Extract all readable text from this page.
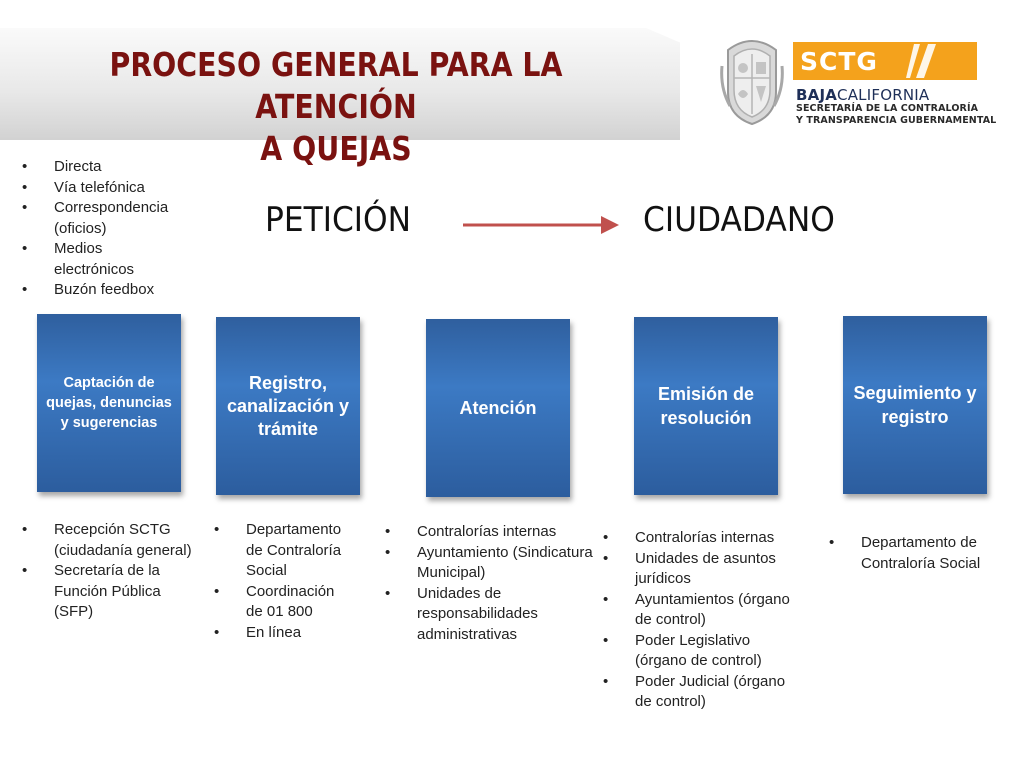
PROCESO GENERAL PARA LA ATENCIÓN
A QUEJAS
SCTG
BAJACALIFORNIA
SECRETARÍA DE LA CONTRALORÍA
Y TRANSPARENCIA GUBERNAMENTAL
• Directa
• Vía telefónica
• Correspondencia (oficios)
• Medios electrónicos
• Buzón feedbox
PETICIÓN	CIUDADANO
Captación de quejas, denuncias y sugerencias
Registro, canalización y trámite
Atención
Emisión de resolución
Seguimiento y registro
• Recepción SCTG (ciudadanía general)
• Secretaría de la Función Pública (SFP)
• Departamento de Contraloría Social
• Coordinación de 01 800
• En línea
• Contralorías internas
• Ayuntamiento (Sindicatura Municipal)
• Unidades de responsabilidades administrativas
• Contralorías internas
• Unidades de asuntos jurídicos
• Ayuntamientos (órgano de control)
• Poder Legislativo (órgano de control)
• Poder Judicial (órgano de control)
• Departamento de Contraloría Social
